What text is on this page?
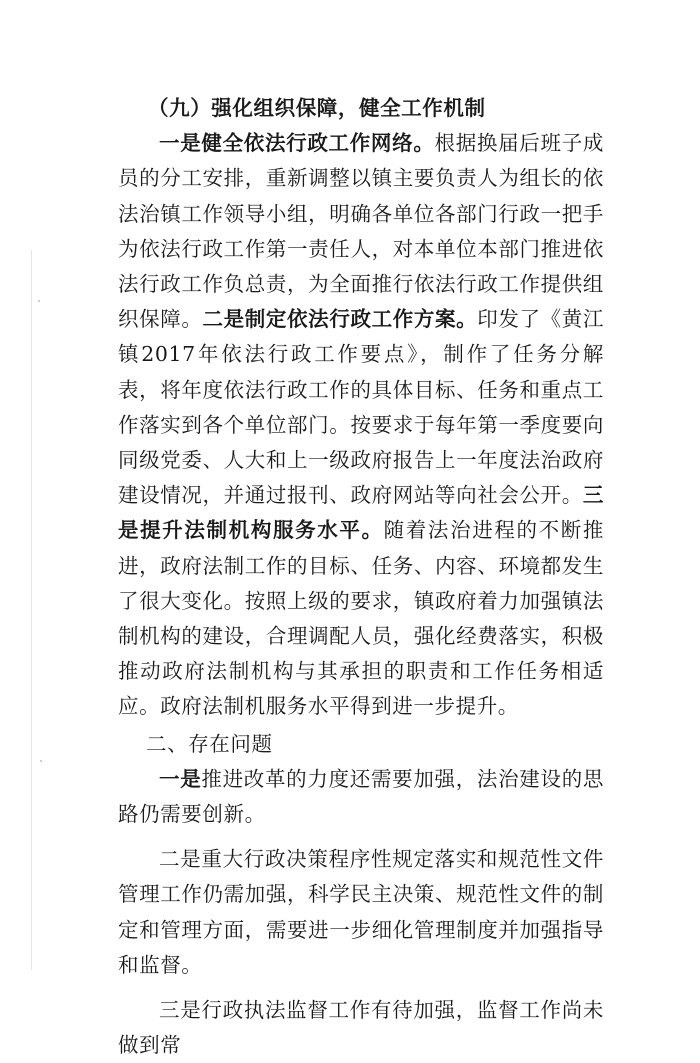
（九）强化组织保障，健全工作机制

一是健全依法行政工作网络。根据换届后班子成员的分工安排，重新调整以镇主要负责人为组长的依法治镇工作领导小组，明确各单位各部门行政一把手为依法行政工作第一责任人，对本单位本部门推进依法行政工作负总责，为全面推行依法行政工作提供组织保障。二是制定依法行政工作方案。印发了《黄江镇2017年依法行政工作要点》，制作了任务分解表，将年度依法行政工作的具体目标、任务和重点工作落实到各个单位部门。按要求于每年第一季度要向同级党委、人大和上一级政府报告上一年度法治政府建设情况，并通过报刊、政府网站等向社会公开。三是提升法制机构服务水平。随着法治进程的不断推进，政府法制工作的目标、任务、内容、环境都发生了很大变化。按照上级的要求，镇政府着力加强镇法制机构的建设，合理调配人员，强化经费落实，积极推动政府法制机构与其承担的职责和工作任务相适应。政府法制机服务水平得到进一步提升。

二、存在问题

一是推进改革的力度还需要加强，法治建设的思路仍需要创新。

二是重大行政决策程序性规定落实和规范性文件管理工作仍需加强，科学民主决策、规范性文件的制定和管理方面，需要进一步细化管理制度并加强指导和监督。

三是行政执法监督工作有待加强，监督工作尚未做到常
